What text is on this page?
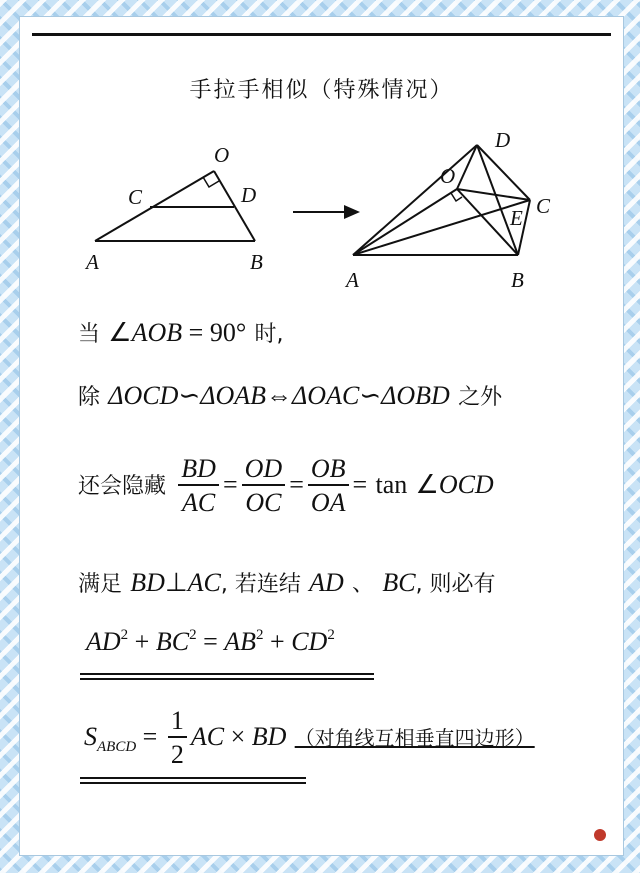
手拉手相似（特殊情况）
O
C	D
A	B
D
O
C
E
A	B
当 ∠AOB = 90° 时,
除 ΔOCD∽ΔOAB⇔ΔOAC∽ΔOBD 之外
还会隐藏 $\frac{BD}{AC} = \frac{OD}{OC} = \frac{OB}{OA} = \tan$ ∠OCD
满足 BD⊥AC, 若连结 AD 、 BC, 则必有
$AD^2 + BC^2 = AB^2 + CD^2$
$S_{ABCD} = \frac{1}{2}$ AC × BD （对角线互相垂直四边形）
